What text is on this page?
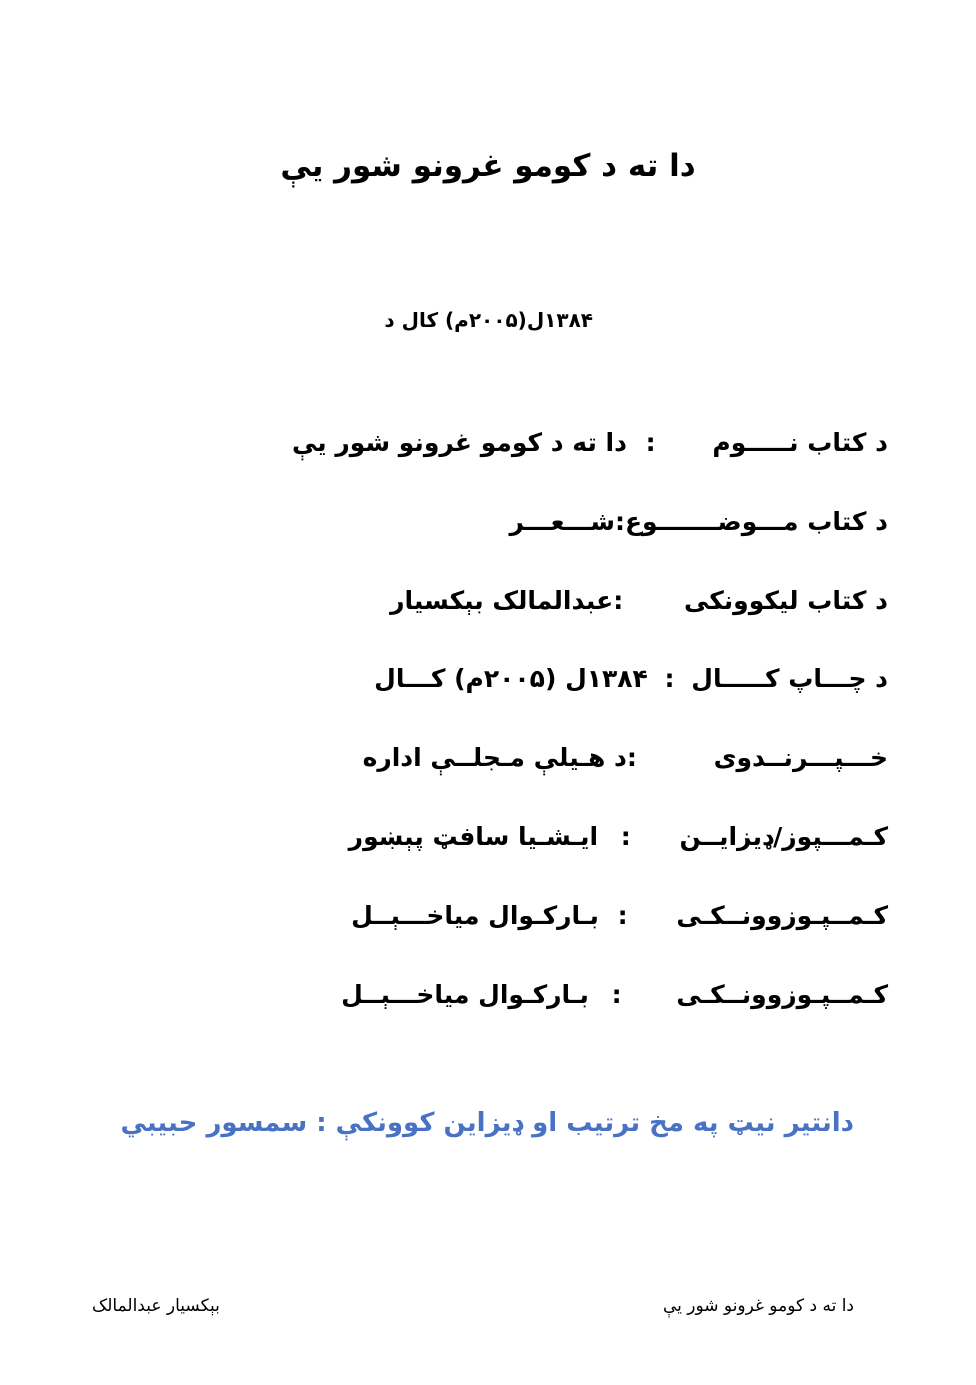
دا ته د کومو غرونو شور یې
۱۳۸۴ل(۲۰۰۵م) کال د
د کتاب نـــــوم : دا ته د کومو غرونو شور یې
د کتاب مـــوضـــــــوع:شـــعـــر
د کتاب لیکوونکی :عبدالمالک بېکسیار
د چـــاپ کـــــال : ۱۳۸۴ل (۲۰۰۵م) کـــال
خـــپـــرنــدوی :د هـيلې مـجلــې اداره
کـمـــپوز/ډیزایــن : ایـشـیا سافټ پېښور
کـمــپـوزوونــکـی : بـارکـوال میاخـــېــل
کـمــپـوزوونــکـی : بـارکـوال میاخـــېــل
دانتیر نیټ په مخ ترتیب او ډیزاین کوونکې : سمسور حبیبي
دا ته د کومو غرونو شور یې
بېکسیار عبدالمالک
